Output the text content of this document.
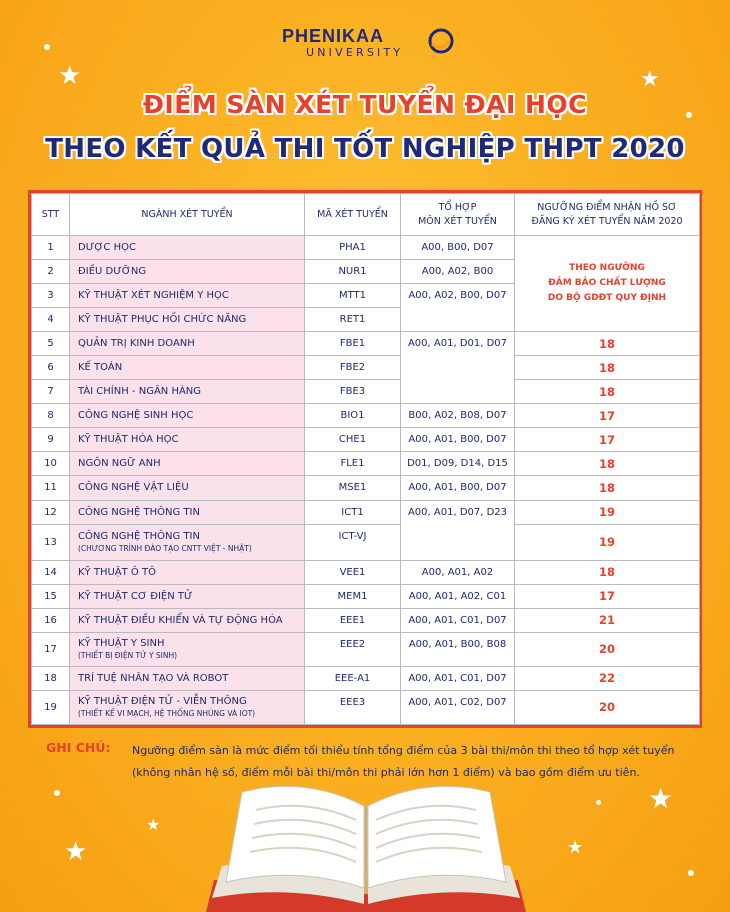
★	★
★
★
★
★
PHENIKAA
UNIVERSITY
ĐIỂM SÀN XÉT TUYỂN ĐẠI HỌC
THEO KẾT QUẢ THI TỐT NGHIỆP THPT 2020
STT	NGÀNH XÉT TUYỂN	MÃ XÉT TUYỂN	TỔ HỢP
MÔN XÉT TUYỂN	NGƯỠNG ĐIỂM NHẬN HỒ SƠ
ĐĂNG KÝ XÉT TUYỂN NĂM 2020
1	DƯỢC HỌC	PHA1	A00, B00, D07	THEO NGƯỠNG
ĐẢM BẢO CHẤT LƯỢNG
DO BỘ GDĐT QUY ĐỊNH
2	ĐIỀU DƯỠNG	NUR1	A00, A02, B00	
3	KỸ THUẬT XÉT NGHIỆM Y HỌC	MTT1	A00, A02, B00, D07	
4	KỸ THUẬT PHỤC HỒI CHỨC NĂNG	RET1		
5	QUẢN TRỊ KINH DOANH	FBE1	A00, A01, D01, D07	18
6	KẾ TOÁN	FBE2		18
7	TÀI CHÍNH - NGÂN HÀNG	FBE3		18
8	CÔNG NGHỆ SINH HỌC	BIO1	B00, A02, B08, D07	17
9	KỸ THUẬT HÓA HỌC	CHE1	A00, A01, B00, D07	17
10	NGÔN NGỮ ANH	FLE1	D01, D09, D14, D15	18
11	CÔNG NGHỆ VẬT LIỆU	MSE1	A00, A01, B00, D07	18
12	CÔNG NGHỆ THÔNG TIN	ICT1	A00, A01, D07, D23	19
13	CÔNG NGHỆ THÔNG TIN
(CHƯƠNG TRÌNH ĐÀO TẠO CNTT VIỆT - NHẬT)	ICT-VJ		19
14	KỸ THUẬT Ô TÔ	VEE1	A00, A01, A02	18
15	KỸ THUẬT CƠ ĐIỆN TỬ	MEM1	A00, A01, A02, C01	17
16	KỸ THUẬT ĐIỀU KHIỂN VÀ TỰ ĐỘNG HÓA	EEE1	A00, A01, C01, D07	21
17	KỸ THUẬT Y SINH
(THIẾT BỊ ĐIỆN TỬ Y SINH)	EEE2	A00, A01, B00, B08	20
18	TRÍ TUỆ NHÂN TẠO VÀ ROBOT	EEE-A1	A00, A01, C01, D07	22
19	KỸ THUẬT ĐIỆN TỬ - VIỄN THÔNG
(THIẾT KẾ VI MẠCH, HỆ THỐNG NHÚNG VÀ IOT)	EEE3	A00, A01, C02, D07	20
GHI CHÚ: Ngưỡng điểm sàn là mức điểm tối thiểu tính tổng điểm của 3 bài thi/môn thi theo tổ hợp xét tuyển
(không nhân hệ số, điểm mỗi bài thi/môn thi phải lớn hơn 1 điểm) và bao gồm điểm ưu tiên.
